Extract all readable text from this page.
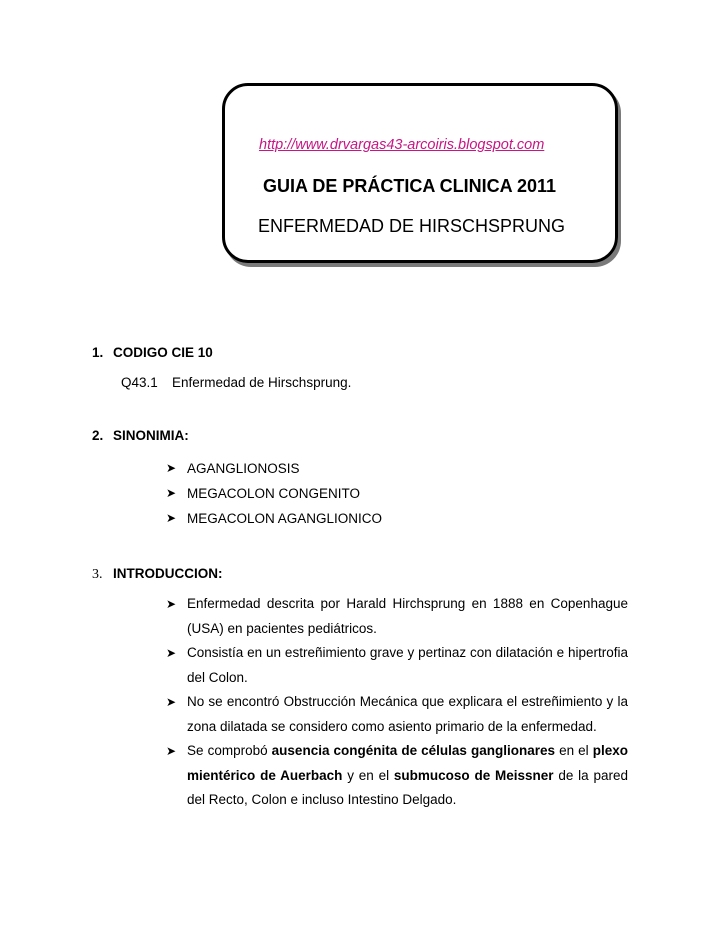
http://www.drvargas43-arcoiris.blogspot.com
GUIA DE PRÁCTICA CLINICA 2011
ENFERMEDAD DE HIRSCHSPRUNG
1. CODIGO CIE 10
Q43.1 Enfermedad de Hirschsprung.
2. SINONIMIA:
➤ AGANGLIONOSIS
➤ MEGACOLON CONGENITO
➤ MEGACOLON AGANGLIONICO
3. INTRODUCCION:
➤ Enfermedad descrita por Harald Hirchsprung en 1888 en Copenhague (USA) en pacientes pediátricos.
➤ Consistía en un estreñimiento grave y pertinaz con dilatación e hipertrofia del Colon.
➤ No se encontró Obstrucción Mecánica que explicara el estreñimiento y la zona dilatada se considero como asiento primario de la enfermedad.
➤ Se comprobó ausencia congénita de células ganglionares en el plexo mientérico de Auerbach y en el submucoso de Meissner de la pared del Recto, Colon e incluso Intestino Delgado.
